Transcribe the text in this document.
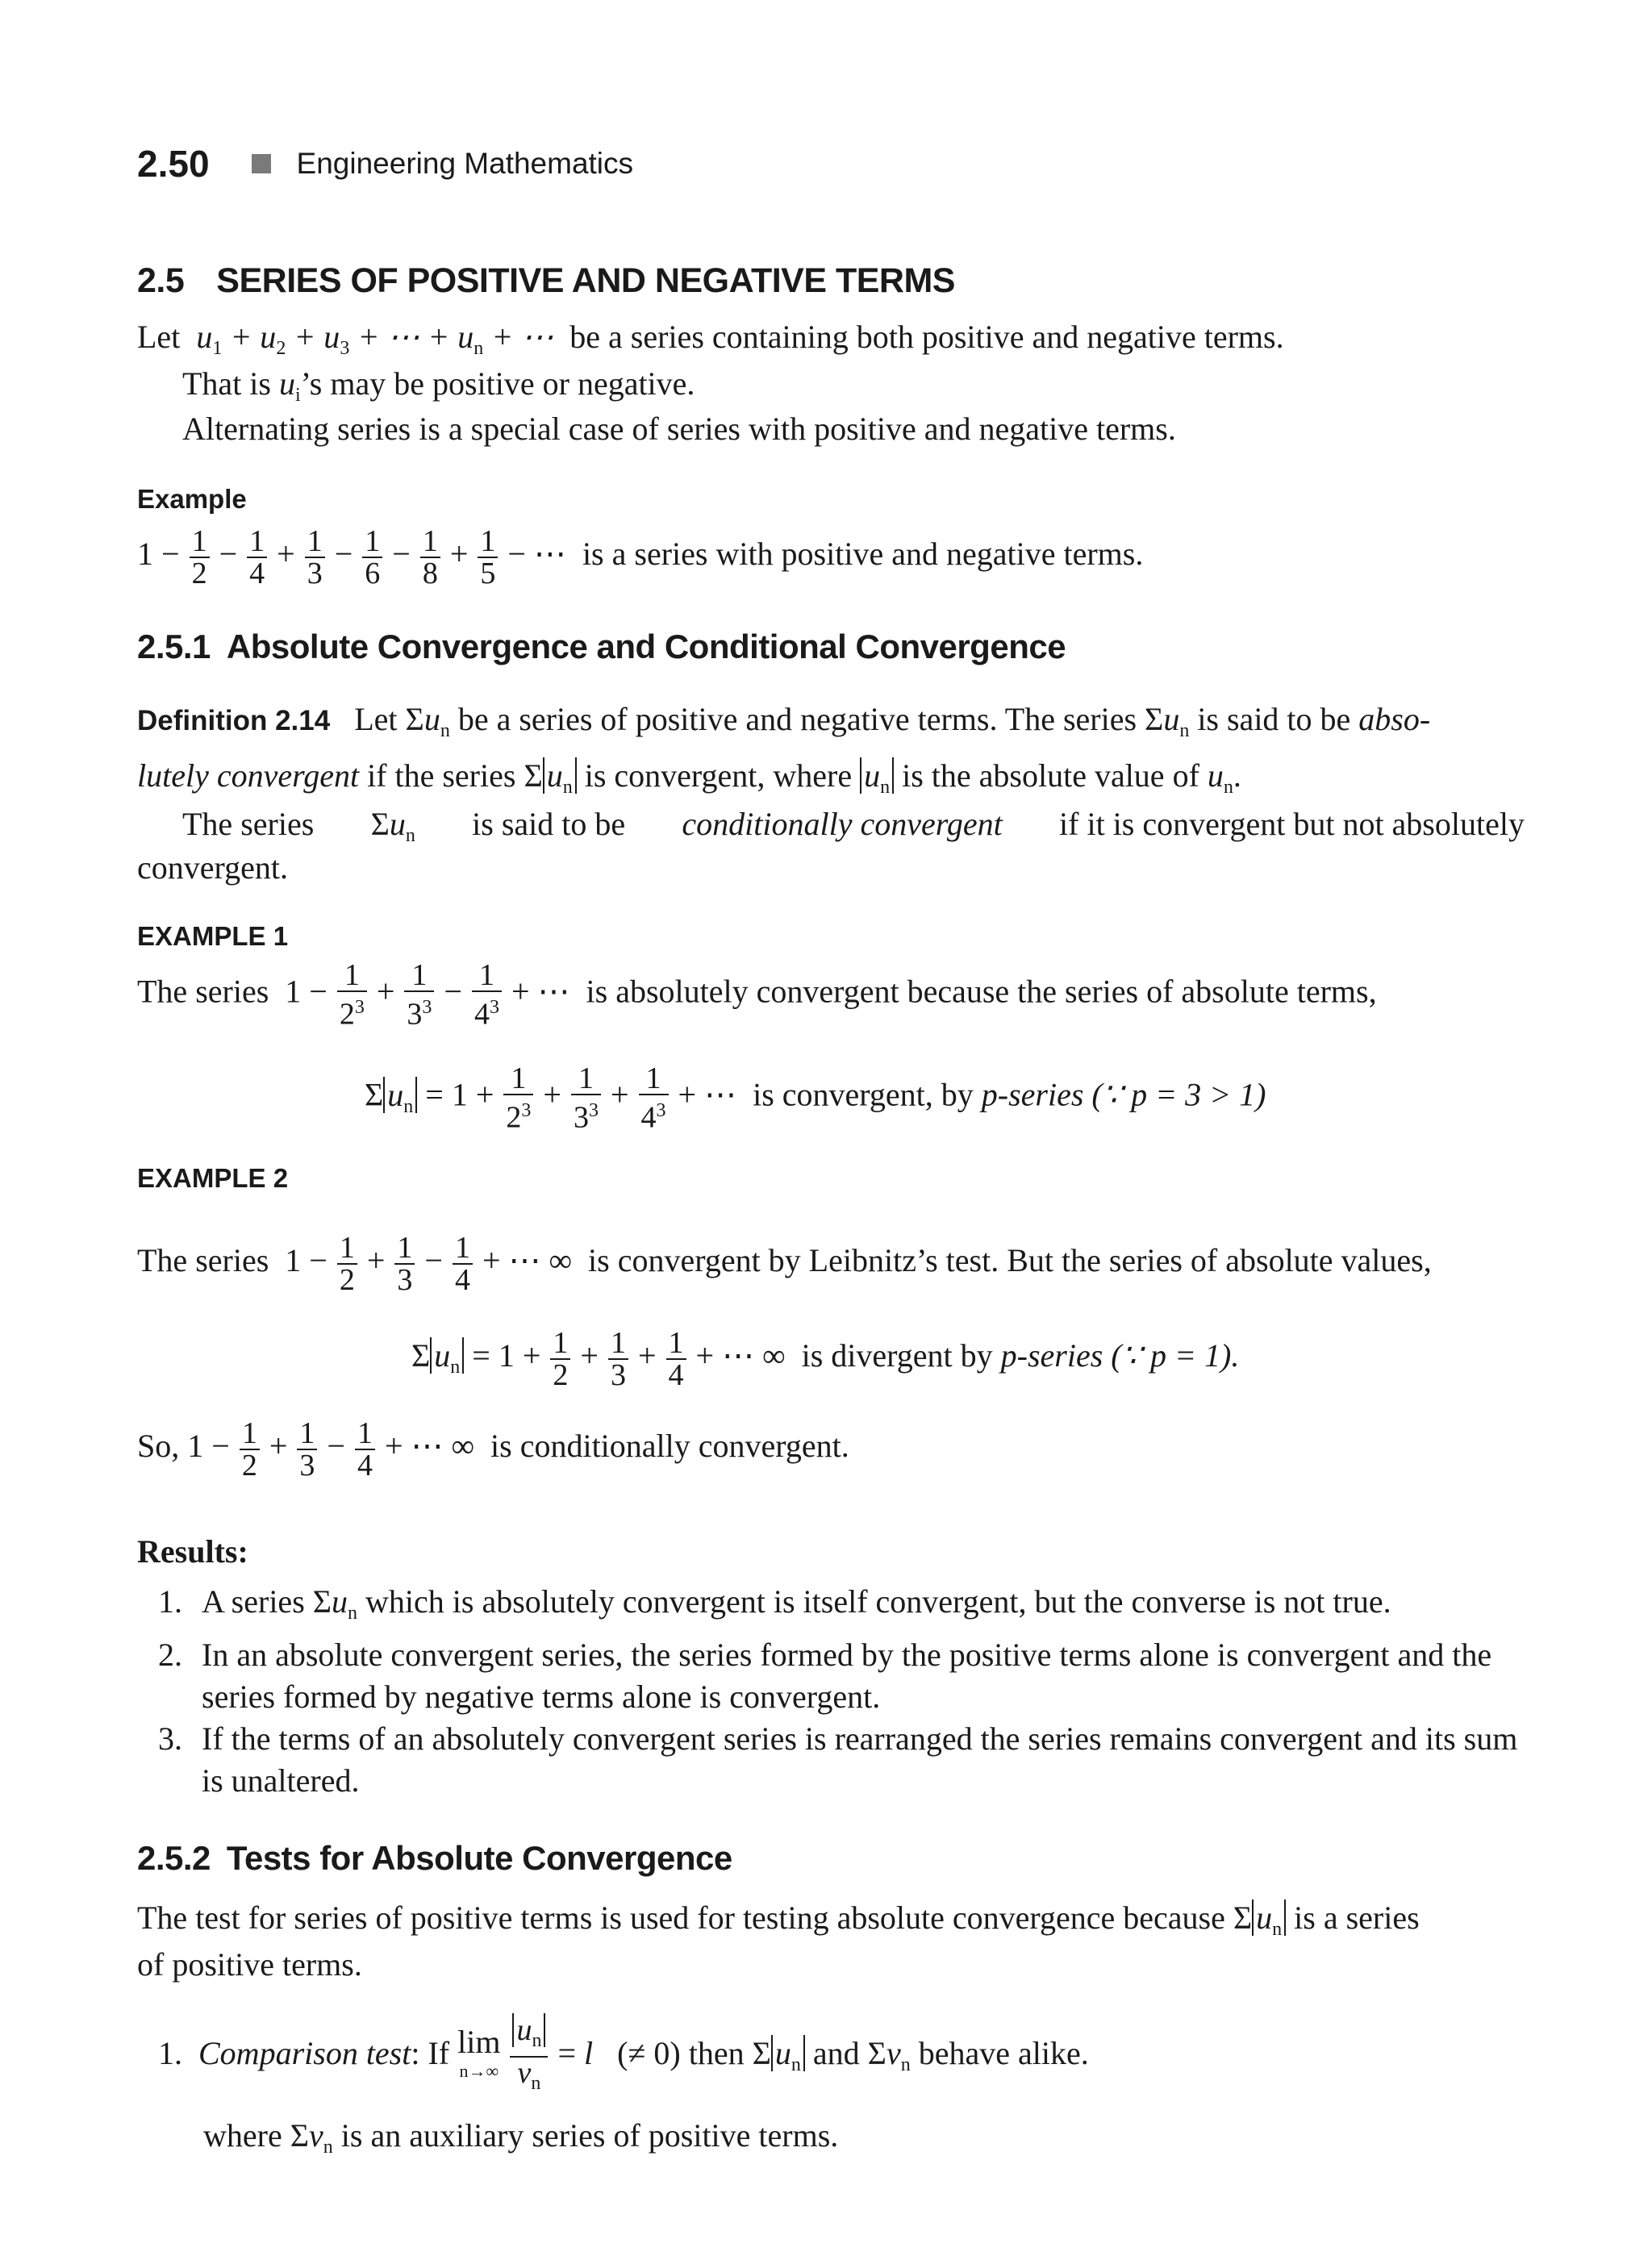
2.50	Engineering Mathematics
2.5 SERIES OF POSITIVE AND NEGATIVE TERMS
Let  $u_1 + u_2 + u_3$ + ⋯ + $u_n$ + ⋯  be a series containing both positive and negative terms.
That is $u_i’s$ may be positive or negative.
Alternating series is a special case of series with positive and negative terms.
Example
$1 - \frac{1}{2} - \frac{1}{4} + \frac{1}{3} - \frac{1}{6} - \frac{1}{8} + \frac{1}{5}$ − ⋯  is a series with positive and negative terms.
2.5.1 Absolute Convergence and Conditional Convergence
Definition 2.14 Let $\Sigma u_n$ be a series of positive and negative terms. The series $\Sigma u_n$ is said to be abso-
lutely convergent if the series Σ $u_n$ is convergent, where $u_n$ is the absolute value of $u_n$.
The series $\Sigma u_n$ is said to be conditionally convergent if it is convergent but not absolutely
convergent.
EXAMPLE 1
The series  $1 - \frac{1}{2^3} + \frac{1}{3^3} - \frac{1}{4^3}$ + ⋯  is absolutely convergent because the series of absolute terms,
Σ $u_n = 1 + \frac{1}{2^3} + \frac{1}{3^3} + \frac{1}{4^3}$ + ⋯  is convergent, by p-series (∵ p = 3 > 1)
EXAMPLE 2
The series  $1 - \frac{1}{2} + \frac{1}{3} - \frac{1}{4}$ + ⋯ ∞  is convergent by Leibnitz’s test. But the series of absolute values,
Σ $u_n = 1 + \frac{1}{2} + \frac{1}{3} + \frac{1}{4}$ + ⋯ ∞  is divergent by p-series (∵ p = 1).
So, $1 - \frac{1}{2} + \frac{1}{3} - \frac{1}{4}$ + ⋯ ∞  is conditionally convergent.
Results:
1. A series $\Sigma u_n$ which is absolutely convergent is itself convergent, but the converse is not true.
2. In an absolute convergent series, the series formed by the positive terms alone is convergent and the series formed by negative terms alone is convergent.
3. If the terms of an absolutely convergent series is rearranged the series remains convergent and its sum is unaltered.
2.5.2 Tests for Absolute Convergence
The test for series of positive terms is used for testing absolute convergence because Σ $u_n$ is a series
of positive terms.
1. Comparison test: If lim
$n\to\infty \frac{u_n}{v_n} = l$ (≠ 0) then Σ $u_n$ and $\Sigma v_n$ behave alike.
where $\Sigma v_n$ is an auxiliary series of positive terms.
